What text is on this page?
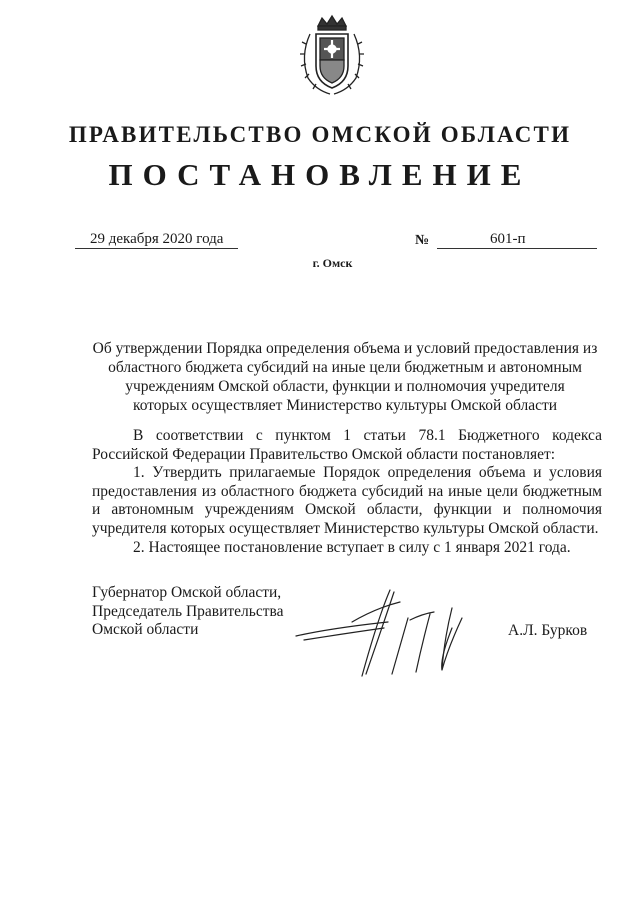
ПРАВИТЕЛЬСТВО ОМСКОЙ ОБЛАСТИ
ПОСТАНОВЛЕНИЕ
29 декабря 2020 года	№	601-п
г. Омск
Об утверждении Порядка определения объема и условий предоставления из
областного бюджета субсидий на иные цели бюджетным и автономным
учреждениям Омской области, функции и полномочия учредителя
которых осуществляет Министерство культуры Омской области

В соответствии с пунктом 1 статьи 78.1 Бюджетного кодекса Российской Федерации Правительство Омской области постановляет:

1. Утвердить прилагаемые Порядок определения объема и условия предоставления из областного бюджета субсидий на иные цели бюджетным и автономным учреждениям Омской области, функции и полномочия учредителя которых осуществляет Министерство культуры Омской области.

2. Настоящее постановление вступает в силу с 1 января 2021 года.

Губернатор Омской области,
Председатель Правительства
Омской области	А.Л. Бурков
